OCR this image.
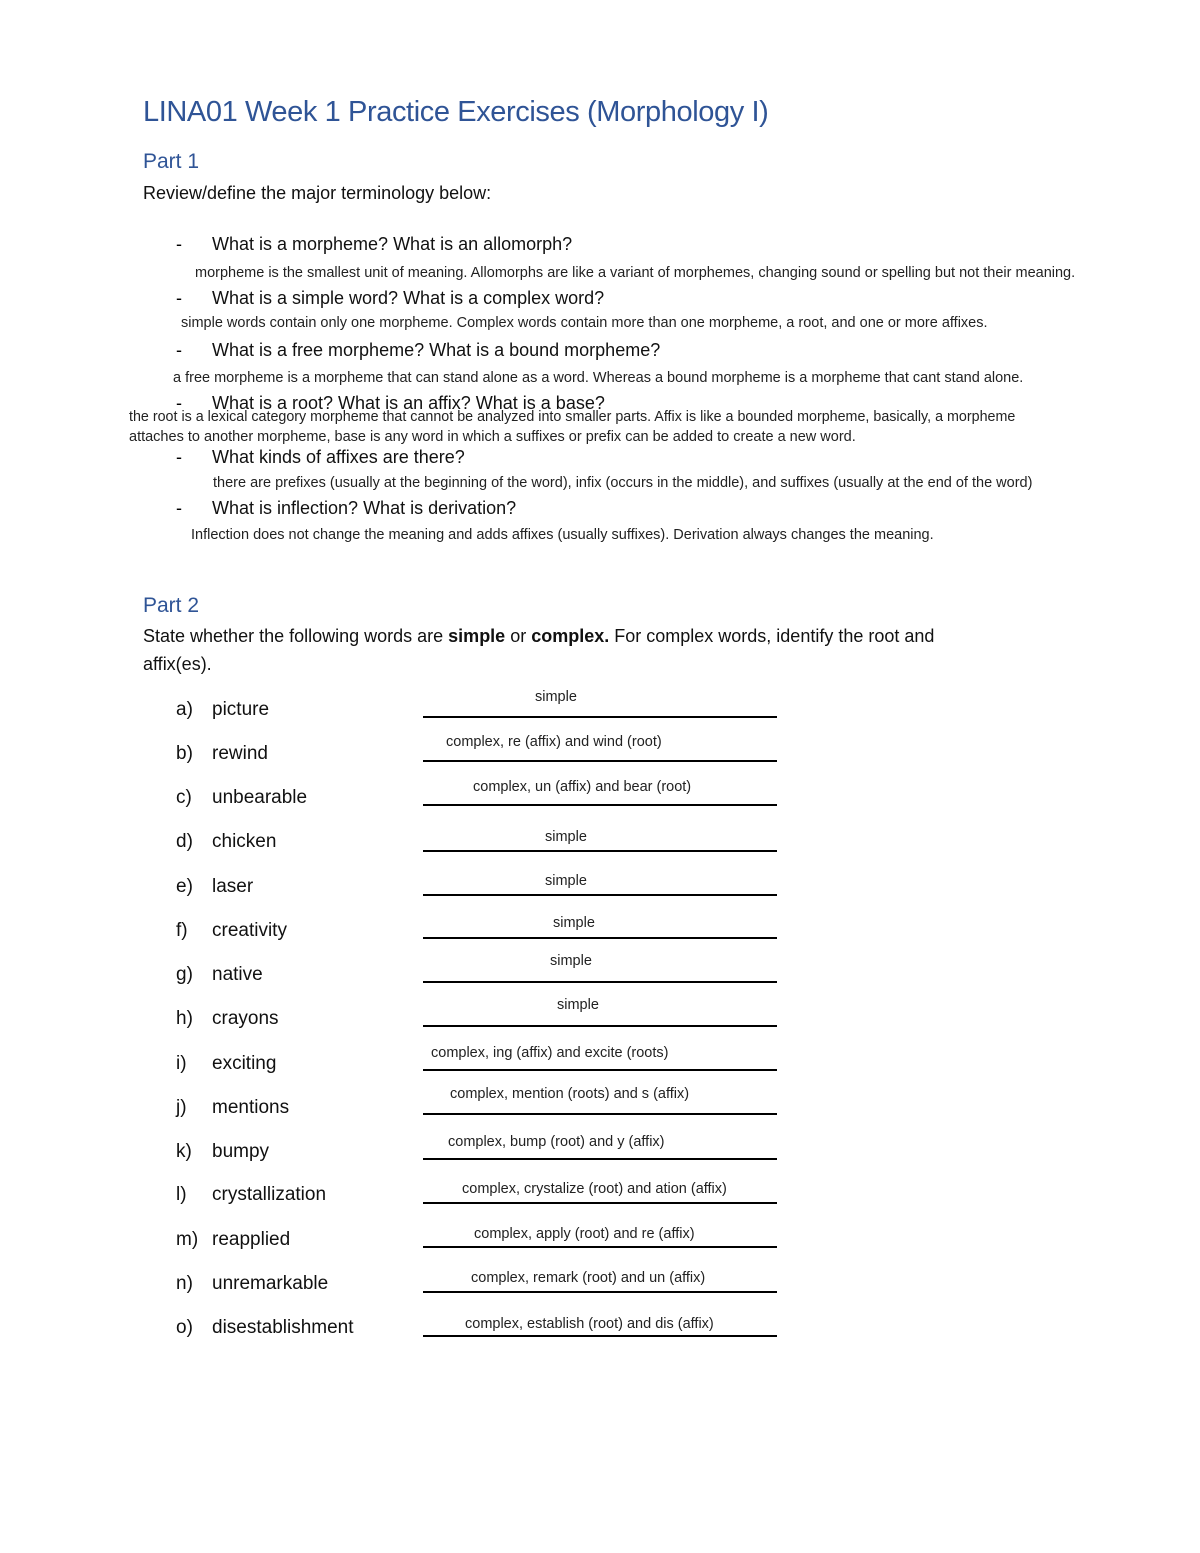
LINA01 Week 1 Practice Exercises (Morphology I)
Part 1
Review/define the major terminology below:
- What is a morpheme? What is an allomorph?
morpheme is the smallest unit of meaning. Allomorphs are like a variant of morphemes, changing sound or spelling but not their meaning.
- What is a simple word? What is a complex word?
simple words contain only one morpheme. Complex words contain more than one morpheme, a root, and one or more affixes.
- What is a free morpheme? What is a bound morpheme?
a free morpheme is a morpheme that can stand alone as a word. Whereas a bound morpheme is a morpheme that cant stand alone.
- What is a root? What is an affix? What is a base?
the root is a lexical category morpheme that cannot be analyzed into smaller parts. Affix is like a bounded morpheme, basically, a morpheme
attaches to another morpheme, base is any word in which a suffixes or prefix can be added to create a new word.
- What kinds of affixes are there?
there are prefixes (usually at the beginning of the word), infix (occurs in the middle), and suffixes (usually at the end of the word)
- What is inflection? What is derivation?
Inflection does not change the meaning and adds affixes (usually suffixes). Derivation always changes the meaning.
Part 2
State whether the following words are simple or complex. For complex words, identify the root and
affix(es).
a) picture
simple
b) rewind
complex, re (affix) and wind (root)
c) unbearable	complex, un (affix) and bear (root)
d) chicken	simple
e) laser	simple
f) creativity	simple
g) native
simple
h) crayons
simple
i) exciting	complex, ing (affix) and excite (roots)
j) mentions
complex, mention (roots) and s (affix)
k) bumpy	complex, bump (root) and y (affix)
l) crystallization	complex, crystalize (root) and ation (affix)
m) reapplied	complex, apply (root) and re (affix)
n) unremarkable	complex, remark (root) and un (affix)
o) disestablishment	complex, establish (root) and dis (affix)
